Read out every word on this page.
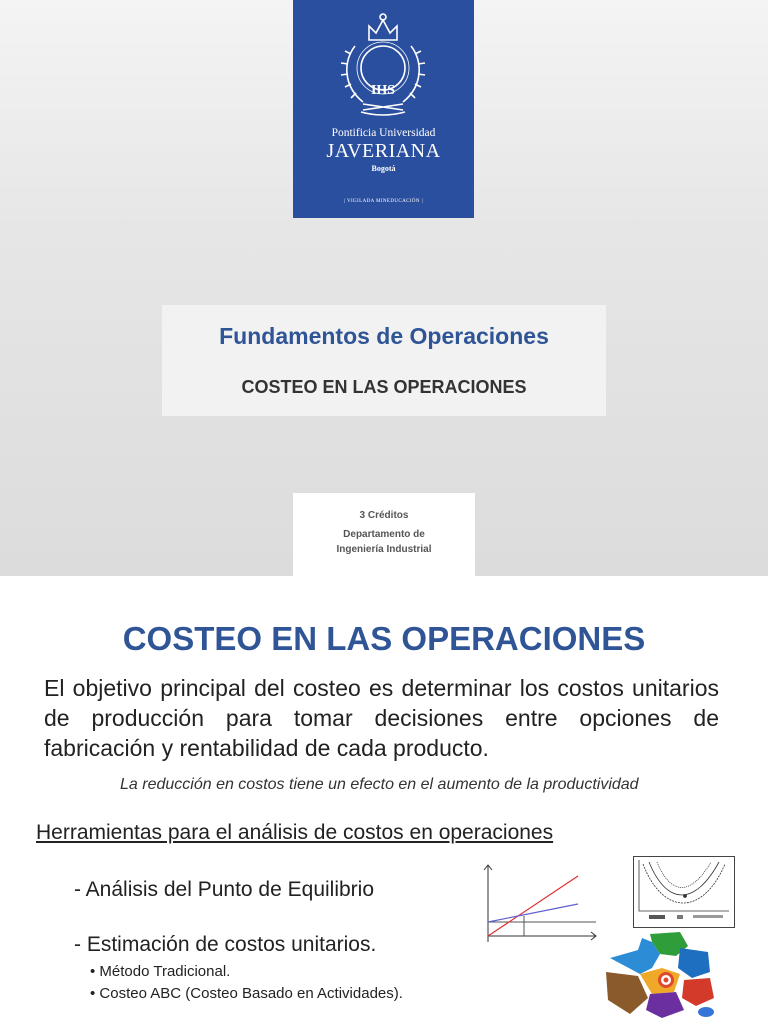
IHS
Pontificia Universidad
JAVERIANA
Bogotá
| VIGILADA MINEDUCACIÓN |
Fundamentos de Operaciones
COSTEO EN LAS OPERACIONES
3 Créditos
Departamento de
Ingeniería Industrial
COSTEO EN LAS OPERACIONES
El objetivo principal del costeo es determinar los costos unitarios de producción para tomar decisiones entre opciones de fabricación y rentabilidad de cada producto.
La reducción en costos tiene un efecto en el aumento de la productividad
Herramientas para el análisis de costos en operaciones
- Análisis del Punto de Equilibrio
- Estimación de costos unitarios.
• Método Tradicional.
• Costeo ABC (Costeo Basado en Actividades).
